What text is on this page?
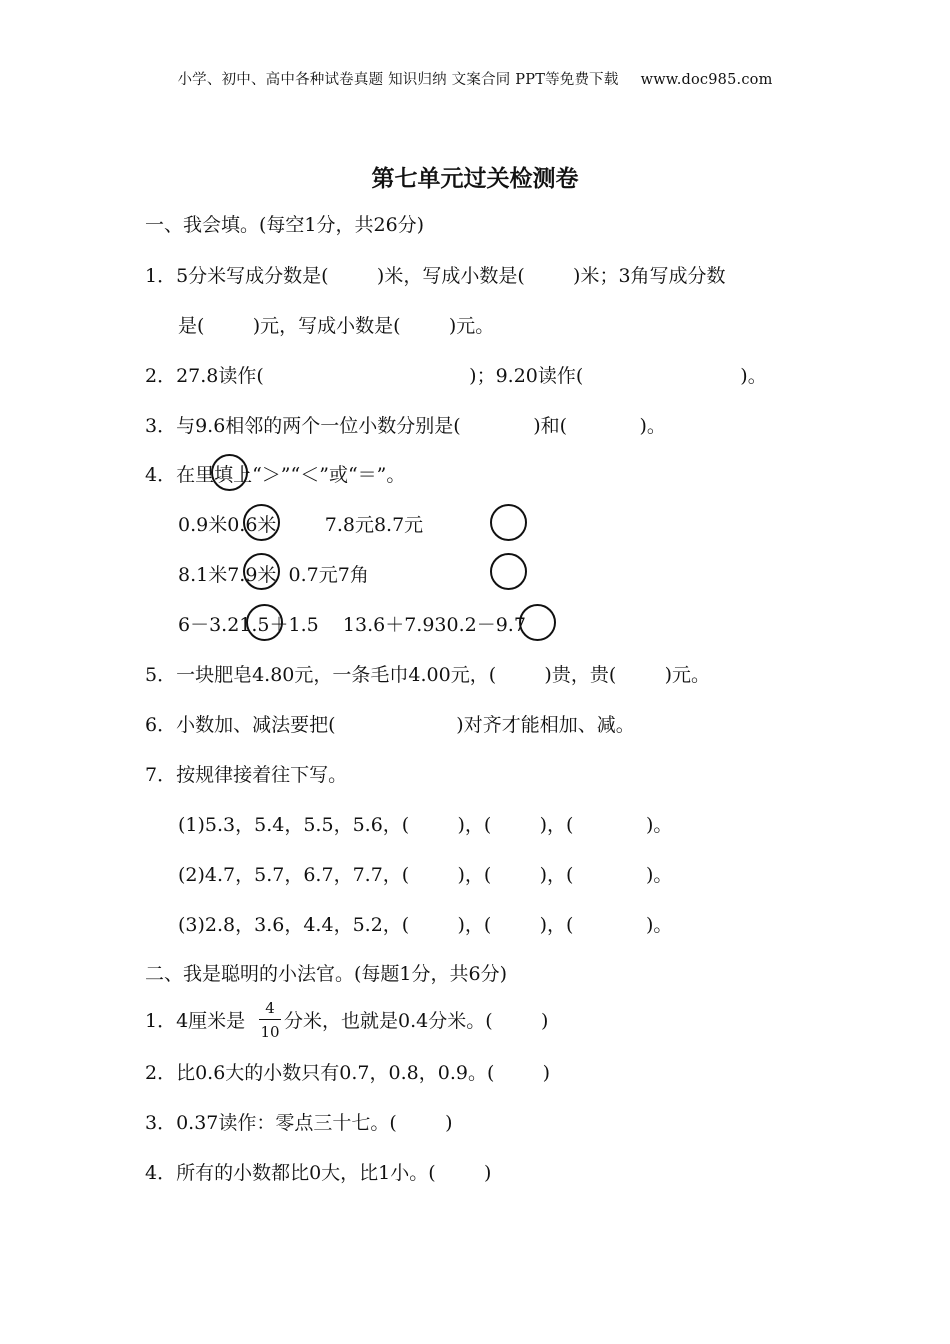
小学、初中、高中各种试卷真题 知识归纳 文案合同 PPT等免费下载 www.doc985.com
第七单元过关检测卷
一、我会填。(每空1分，共26分)
1．5分米写成分数是(        )米，写成小数是(        )米；3角写成分数
是(        )元，写成小数是(        )元。
2．27.8读作(                                  )；9.20读作(                          )。
3．与9.6相邻的两个一位小数分别是(            )和(            )。
4．在里填上“＞”“＜”或“＝”。
0.9米0.6米        7.8元8.7元
8.1米7.9米  0.7元7角
6－3.21.5＋1.5    13.6＋7.930.2－9.7
5．一块肥皂4.80元，一条毛巾4.00元，(        )贵，贵(        )元。
6．小数加、减法要把(                    )对齐才能相加、减。
7．按规律接着往下写。
(1)5.3，5.4，5.5，5.6，(        )，(        )，(            )。
(2)4.7，5.7，6.7，7.7，(        )，(        )，(            )。
(3)2.8，3.6，4.4，5.2，(        )，(        )，(            )。
二、我是聪明的小法官。(每题1分，共6分)
1．4厘米是
4
10 分米，也就是0.4分米。(        )
2．比0.6大的小数只有0.7，0.8，0.9。(        )
3．0.37读作：零点三十七。(        )
4．所有的小数都比0大，比1小。(        )
